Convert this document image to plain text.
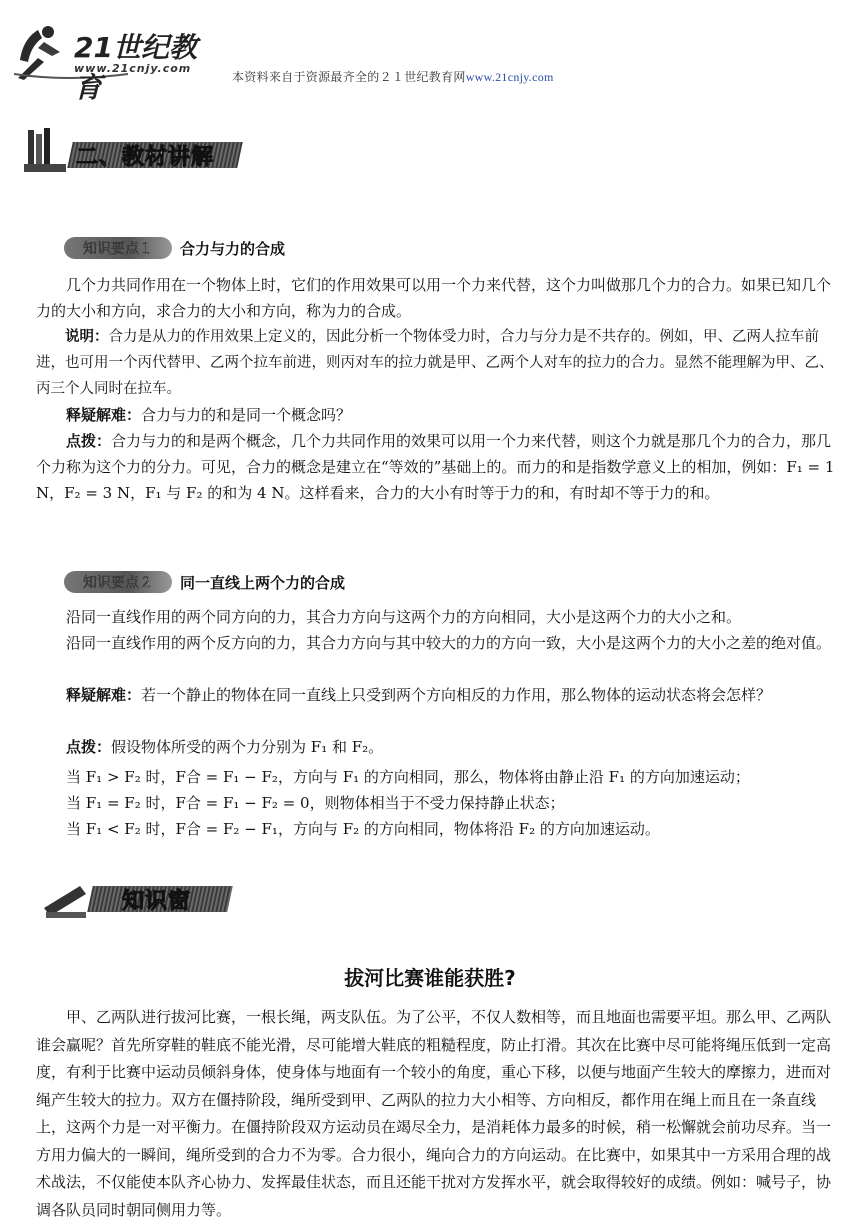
21世纪教育
www.21cnjy.com
本资料来自于资源最齐全的２１世纪教育网www.21cnjy.com
二、教材讲解
知识要点１	合力与力的合成
几个力共同作用在一个物体上时，它们的作用效果可以用一个力来代替，这个力叫做那几个力的合力。如果已知几个力的大小和方向，求合力的大小和方向，称为力的合成。
说明：合力是从力的作用效果上定义的，因此分析一个物体受力时，合力与分力是不共存的。例如，甲、乙两人拉车前进，也可用一个丙代替甲、乙两个拉车前进，则丙对车的拉力就是甲、乙两个人对车的拉力的合力。显然不能理解为甲、乙、丙三个人同时在拉车。
释疑解难：合力与力的和是同一个概念吗？
点拨：合力与力的和是两个概念，几个力共同作用的效果可以用一个力来代替，则这个力就是那几个力的合力，那几个力称为这个力的分力。可见，合力的概念是建立在“等效的”基础上的。而力的和是指数学意义上的相加，例如：F₁ = 1 N，F₂ = 3 N，F₁ 与 F₂ 的和为 4 N。这样看来，合力的大小有时等于力的和，有时却不等于力的和。
知识要点２	同一直线上两个力的合成
沿同一直线作用的两个同方向的力，其合力方向与这两个力的方向相同，大小是这两个力的大小之和。
沿同一直线作用的两个反方向的力，其合力方向与其中较大的力的方向一致，大小是这两个力的大小之差的绝对值。
释疑解难：若一个静止的物体在同一直线上只受到两个方向相反的力作用，那么物体的运动状态将会怎样？
点拨：假设物体所受的两个力分别为 F₁ 和 F₂。
当 F₁ > F₂ 时，F合 = F₁ − F₂，方向与 F₁ 的方向相同，那么，物体将由静止沿 F₁ 的方向加速运动；
当 F₁ = F₂ 时，F合 = F₁ − F₂ = 0，则物体相当于不受力保持静止状态；
当 F₁ < F₂ 时，F合 = F₂ − F₁，方向与 F₂ 的方向相同，物体将沿 F₂ 的方向加速运动。
知识窗
拔河比赛谁能获胜?
甲、乙两队进行拔河比赛，一根长绳，两支队伍。为了公平，不仅人数相等，而且地面也需要平坦。那么甲、乙两队谁会赢呢？首先所穿鞋的鞋底不能光滑，尽可能增大鞋底的粗糙程度，防止打滑。其次在比赛中尽可能将绳压低到一定高度，有利于比赛中运动员倾斜身体，使身体与地面有一个较小的角度，重心下移，以便与地面产生较大的摩擦力，进而对绳产生较大的拉力。双方在僵持阶段，绳所受到甲、乙两队的拉力大小相等、方向相反，都作用在绳上而且在一条直线上，这两个力是一对平衡力。在僵持阶段双方运动员在竭尽全力，是消耗体力最多的时候，稍一松懈就会前功尽弃。当一方用力偏大的一瞬间，绳所受到的合力不为零。合力很小，绳向合力的方向运动。在比赛中，如果其中一方采用合理的战术战法，不仅能使本队齐心协力、发挥最佳状态，而且还能干扰对方发挥水平，就会取得较好的成绩。例如：喊号子，协调各队员同时朝同侧用力等。
